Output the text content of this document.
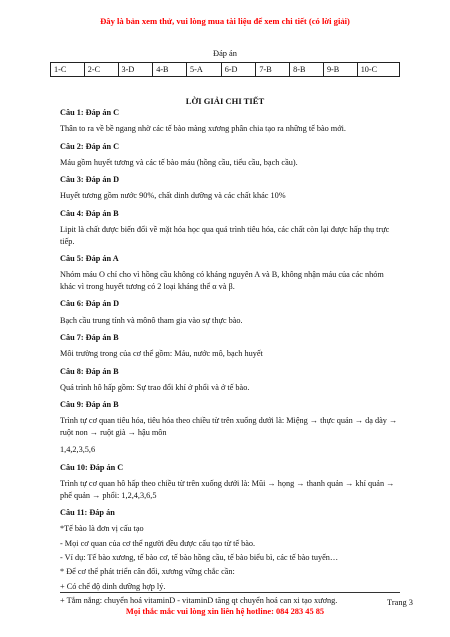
Đây là bản xem thử, vui lòng mua tài liệu để xem chi tiết (có lời giải)
Đáp án
1-C	2-C	3-D	4-B	5-A	6-D	7-B	8-B	9-B	10-C
LỜI GIẢI CHI TIẾT

Câu 1: Đáp án C

Thân to ra về bề ngang nhờ các tế bào màng xương phân chia tạo ra những tế bào mới.

Câu 2: Đáp án C

Máu gồm huyết tương và các tế bào máu (hồng cầu, tiểu cầu, bạch cầu).

Câu 3: Đáp án D

Huyết tương gồm nước 90%, chất dinh dưỡng và các chất khác 10%

Câu 4: Đáp án B

Lipit là chất được biến đổi về mặt hóa học qua quá trình tiêu hóa, các chất còn lại được hấp thụ trực tiếp.

Câu 5: Đáp án A

Nhóm máu O chỉ cho vì hồng cầu không có kháng nguyên A và B, không nhận máu của các nhóm khác vì trong huyết tương có 2 loại kháng thể α và β.

Câu 6: Đáp án D

Bạch cầu trung tính và mônô tham gia vào sự thực bào.

Câu 7: Đáp án B

Môi trường trong của cơ thể gồm: Máu, nước mô, bạch huyết

Câu 8: Đáp án B

Quá trình hô hấp gồm: Sự trao đổi khí ở phổi và ở tế bào.

Câu 9: Đáp án B

Trình tự cơ quan tiêu hóa, tiêu hóa theo chiều từ trên xuống dưới là: Miệng → thực quản → dạ dày → ruột non → ruột già → hậu môn

1,4,2,3,5,6

Câu 10: Đáp án C

Trình tự cơ quan hô hấp theo chiều từ trên xuống dưới là: Mũi → họng → thanh quản → khí quản → phế quản → phổi: 1,2,4,3,6,5

Câu 11: Đáp án

*Tế bào là đơn vị cấu tạo

- Mọi cơ quan của cơ thể người đều được cấu tạo từ tế bào.

- Ví dụ: Tế bào xương, tế bào cơ, tế bào hồng cầu, tế bào biểu bì, các tế bào tuyến…

* Để cơ thể phát triển cân đối, xương vững chắc cần:

+ Có chế độ dinh dưỡng hợp lý.

+ Tắm nắng: chuyển hoá vitaminD - vitaminD tăng qt chuyển hoá can xi tạo xương.	Trang 3
Mọi thắc mắc vui lòng xin liên hệ hotline: 084 283 45 85
